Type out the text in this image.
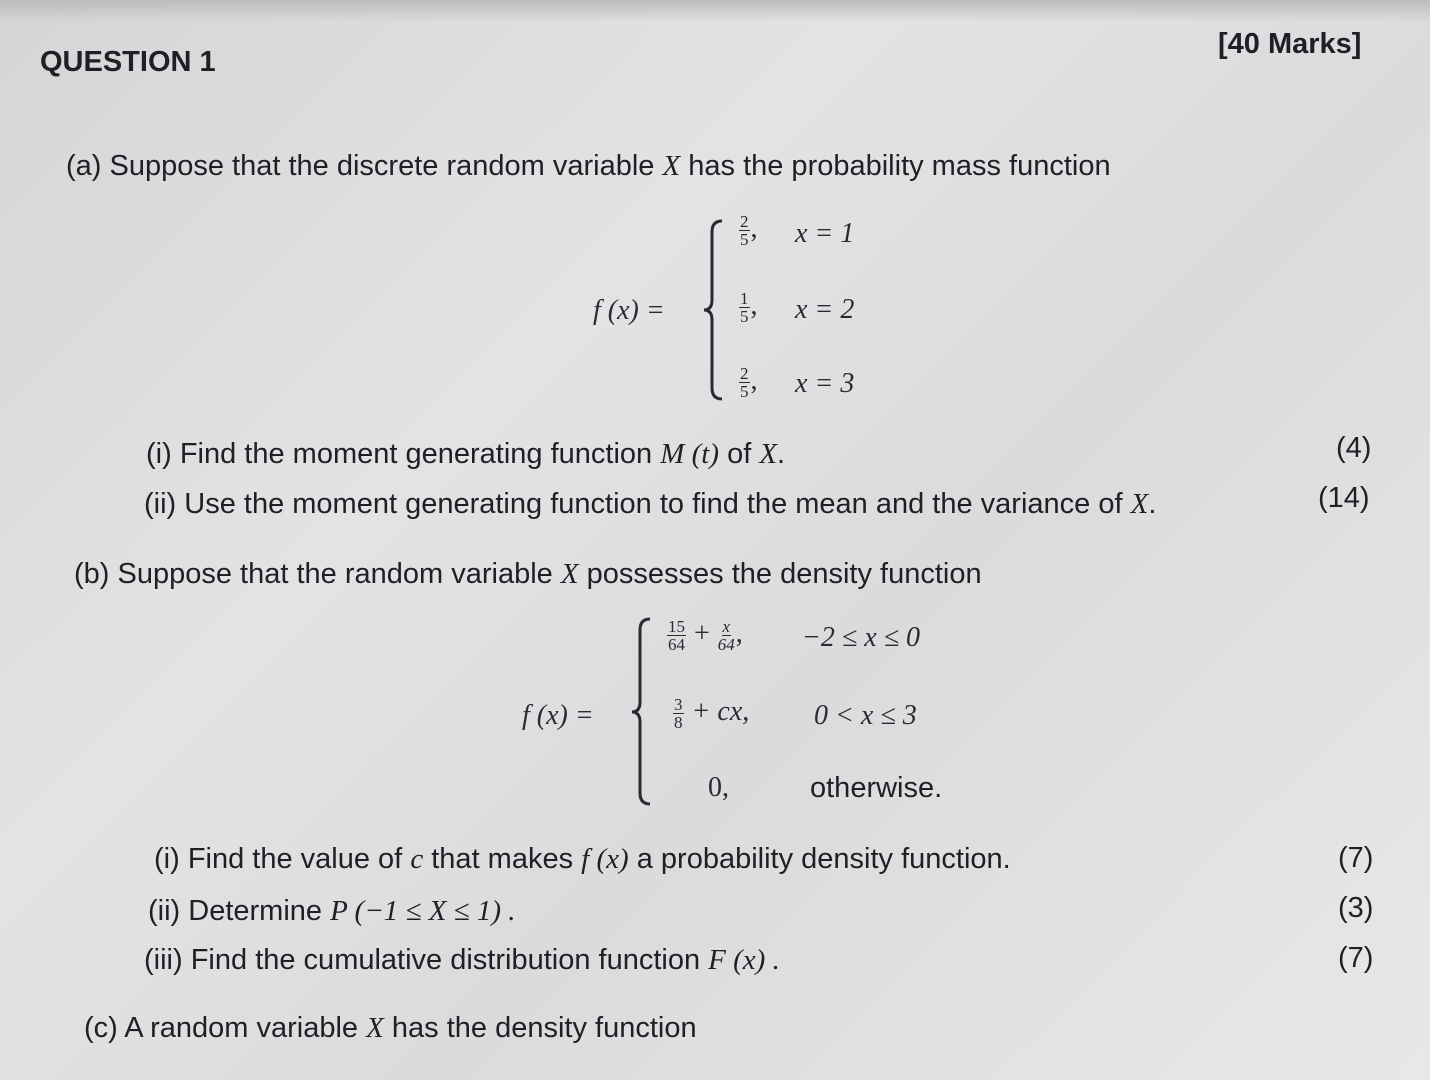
QUESTION 1
[40 Marks]
(a) Suppose that the discrete random variable X has the probability mass function
f (x) =
$\frac{2}{5}$ , x = 1
$\frac{1}{5}$ , x = 2
$\frac{2}{5}$ , x = 3
(i) Find the moment generating function M (t) of X.	(4)
(ii) Use the moment generating function to find the mean and the variance of X.	(14)
(b) Suppose that the random variable X possesses the density function
f (x) =
$\frac{15}{64} + \frac{x}{64}$ , −2 ≤ x ≤ 0
$\frac{3}{8}$ + cx, 0 < x ≤ 3
0,	otherwise.
(i) Find the value of c that makes f (x) a probability density function.	(7)
(ii) Determine P (−1 ≤ X ≤ 1) .	(3)
(iii) Find the cumulative distribution function F (x) .	(7)
(c) A random variable X has the density function
